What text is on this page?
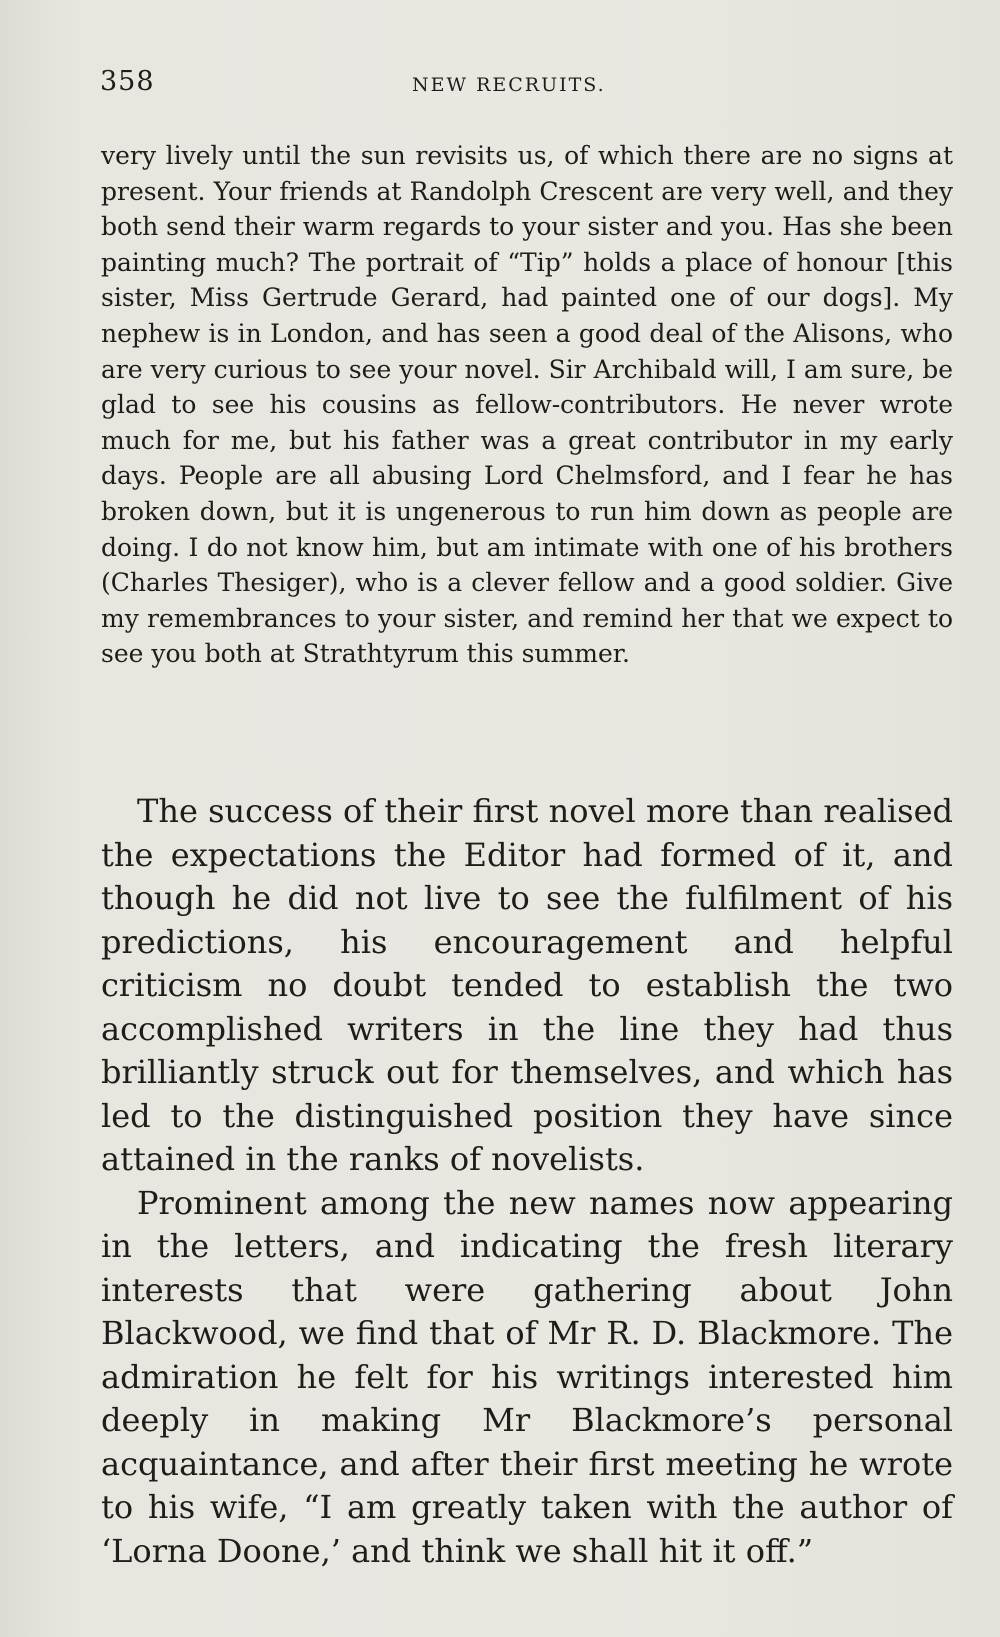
358	NEW RECRUITS.

very lively until the sun revisits us, of which there are no signs at present. Your friends at Randolph Crescent are very well, and they both send their warm regards to your sister and you. Has she been painting much? The portrait of “Tip” holds a place of honour [this sister, Miss Gertrude Gerard, had painted one of our dogs]. My nephew is in London, and has seen a good deal of the Alisons, who are very curious to see your novel. Sir Archibald will, I am sure, be glad to see his cousins as fellow-contributors. He never wrote much for me, but his father was a great contributor in my early days. People are all abusing Lord Chelmsford, and I fear he has broken down, but it is ungenerous to run him down as people are doing. I do not know him, but am intimate with one of his brothers (Charles Thesiger), who is a clever fellow and a good soldier. Give my remembrances to your sister, and remind her that we expect to see you both at Strathtyrum this summer.

The success of their first novel more than realised the expectations the Editor had formed of it, and though he did not live to see the fulfilment of his predictions, his encouragement and helpful criticism no doubt tended to establish the two accomplished writers in the line they had thus brilliantly struck out for themselves, and which has led to the distinguished position they have since attained in the ranks of novelists.

Prominent among the new names now appearing in the letters, and indicating the fresh literary interests that were gathering about John Blackwood, we find that of Mr R. D. Blackmore. The admiration he felt for his writings interested him deeply in making Mr Blackmore’s personal acquaintance, and after their first meeting he wrote to his wife, “I am greatly taken with the author of ‘Lorna Doone,’ and think we shall hit it off.”
